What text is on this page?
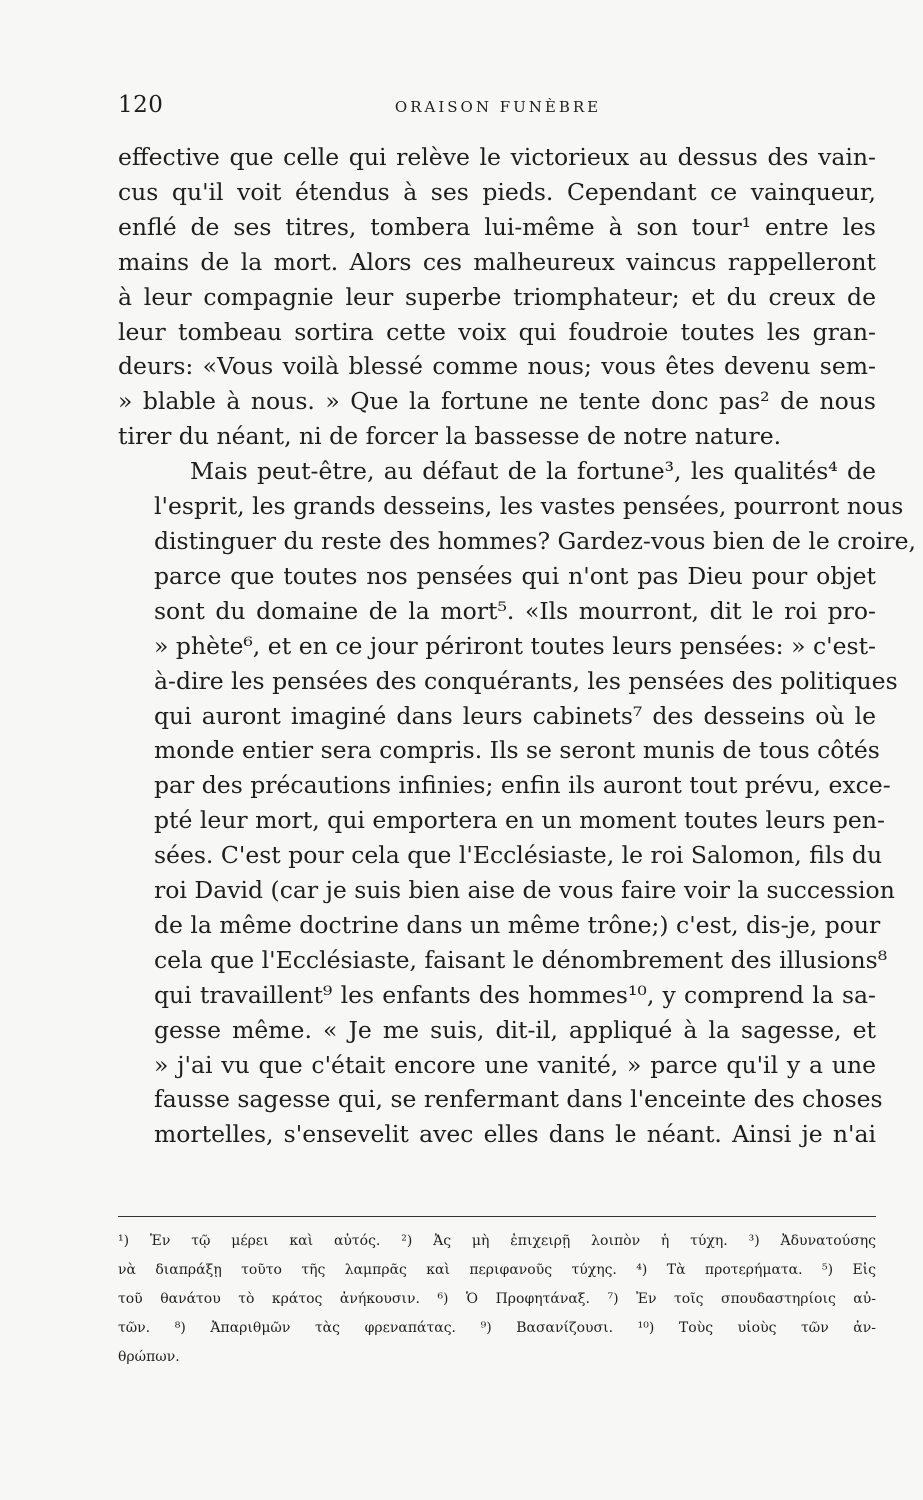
120	ORAISON FUNÈBRE

effective que celle qui relève le victorieux au dessus des vain-
cus qu'il voit étendus à ses pieds. Cependant ce vainqueur,
enflé de ses titres, tombera lui-même à son tour¹ entre les
mains de la mort. Alors ces malheureux vaincus rappelleront
à leur compagnie leur superbe triomphateur; et du creux de
leur tombeau sortira cette voix qui foudroie toutes les gran-
deurs: «Vous voilà blessé comme nous; vous êtes devenu sem-
» blable à nous. » Que la fortune ne tente donc pas² de nous
tirer du néant, ni de forcer la bassesse de notre nature.

Mais peut-être, au défaut de la fortune³, les qualités⁴ de
l'esprit, les grands desseins, les vastes pensées, pourront nous
distinguer du reste des hommes? Gardez-vous bien de le croire,
parce que toutes nos pensées qui n'ont pas Dieu pour objet
sont du domaine de la mort⁵. «Ils mourront, dit le roi pro-
» phète⁶, et en ce jour périront toutes leurs pensées: » c'est-
à-dire les pensées des conquérants, les pensées des politiques
qui auront imaginé dans leurs cabinets⁷ des desseins où le
monde entier sera compris. Ils se seront munis de tous côtés
par des précautions infinies; enfin ils auront tout prévu, exce-
pté leur mort, qui emportera en un moment toutes leurs pen-
sées. C'est pour cela que l'Ecclésiaste, le roi Salomon, fils du
roi David (car je suis bien aise de vous faire voir la succession
de la même doctrine dans un même trône;) c'est, dis-je, pour
cela que l'Ecclésiaste, faisant le dénombrement des illusions⁸
qui travaillent⁹ les enfants des hommes¹⁰, y comprend la sa-
gesse même. « Je me suis, dit-il, appliqué à la sagesse, et
» j'ai vu que c'était encore une vanité, » parce qu'il y a une
fausse sagesse qui, se renfermant dans l'enceinte des choses
mortelles, s'ensevelit avec elles dans le néant. Ainsi je n'ai

¹) Ἐν τῷ μέρει καὶ αὐτός. ²) Ἀς μὴ ἐπιχειρῇ λοιπὸν ἡ τύχη. ³) Ἀδυνατούσης
νὰ διαπράξῃ τοῦτο τῆς λαμπρᾶς καὶ περιφανοῦς τύχης. ⁴) Τὰ προτερήματα. ⁵) Εἰς
τοῦ θανάτου τὸ κράτος ἀνήκουσιν. ⁶) Ὁ Προφητάναξ. ⁷) Ἐν τοῖς σπουδαστηρίοις αὐ-
τῶν. ⁸) Ἀπαριθμῶν τὰς φρεναπάτας. ⁹) Βασανίζουσι. ¹⁰) Τοὺς υἱοὺς τῶν ἀν-
θρώπων.
